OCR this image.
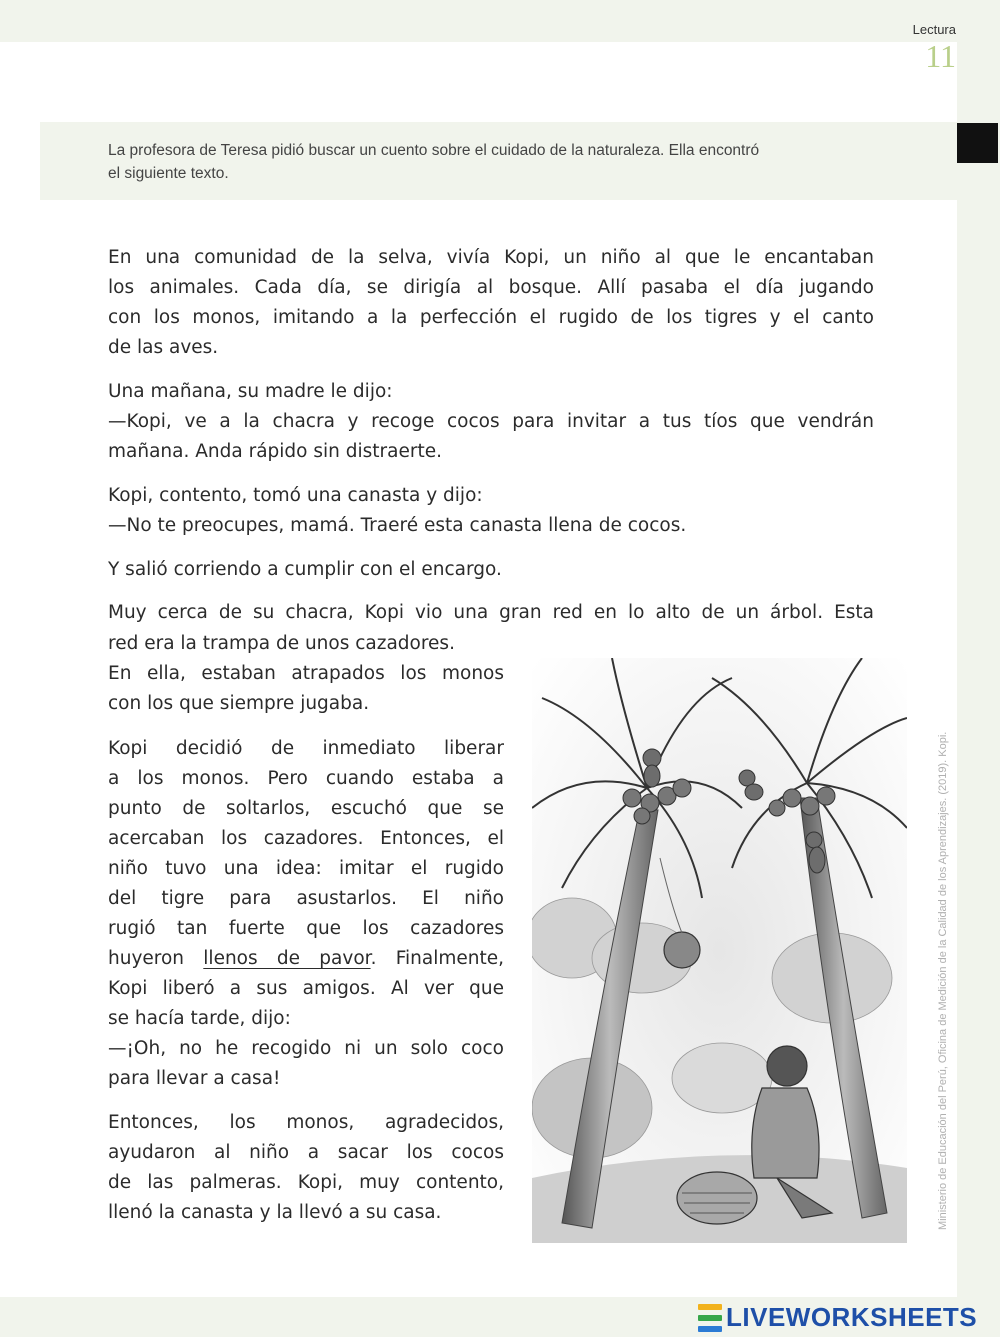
Lectura
11

La profesora de Teresa pidió buscar un cuento sobre el cuidado de la naturaleza. Ella encontró
el siguiente texto.

En una comunidad de la selva, vivía Kopi, un niño al que le encantaban
los animales. Cada día, se dirigía al bosque. Allí pasaba el día jugando
con los monos, imitando a la perfección el rugido de los tigres y el canto
de las aves.

Una mañana, su madre le dijo:
—Kopi, ve a la chacra y recoge cocos para invitar a tus tíos que vendrán
mañana. Anda rápido sin distraerte.

Kopi, contento, tomó una canasta y dijo:
—No te preocupes, mamá. Traeré esta canasta llena de cocos.

Y salió corriendo a cumplir con el encargo.

Muy cerca de su chacra, Kopi vio una gran red en lo alto de un árbol. Esta

red era la trampa de unos cazadores.
En ella, estaban atrapados los monos
con los que siempre jugaba.

Kopi decidió de inmediato liberar
a los monos. Pero cuando estaba a
punto de soltarlos, escuchó que se
acercaban los cazadores. Entonces, el
niño tuvo una idea: imitar el rugido
del tigre para asustarlos. El niño
rugió tan fuerte que los cazadores
huyeron llenos de pavor. Finalmente,
Kopi liberó a sus amigos. Al ver que
se hacía tarde, dijo:
—¡Oh, no he recogido ni un solo coco
para llevar a casa!

Entonces, los monos, agradecidos,
ayudaron al niño a sacar los cocos
de las palmeras. Kopi, muy contento,
llenó la canasta y la llevó a su casa.	Ministerio de Educación del Perú, Oficina de Medición de la Calidad de los Aprendizajes. (2019). Kopi.
LIVEWORKSHEETS
